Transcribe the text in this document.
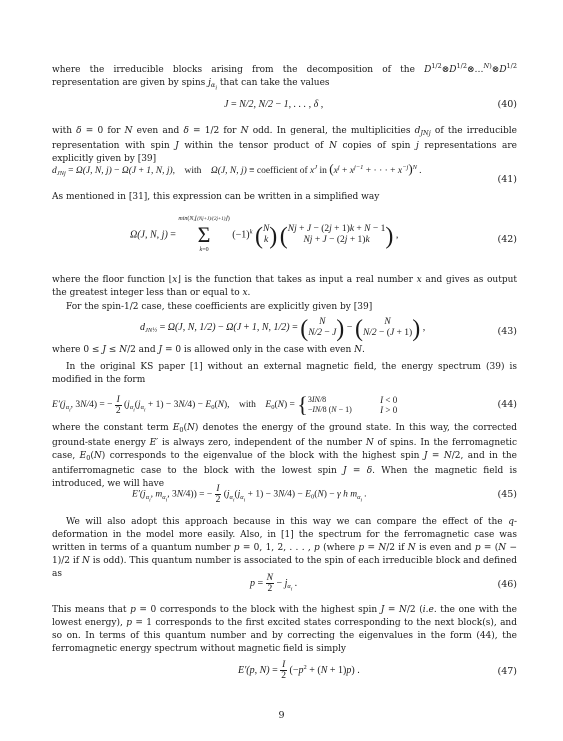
where the irreducible blocks arising from the decomposition of the $D^{1/2}\otimes D^{1/2}\otimes\dots^{N)}\otimes D^{1/2}$ representation are given by spins $j_{\alpha_i}$ that can take the values

J = N/2, N/2 − 1, . . . , δ ,	(40)

with δ = 0 for N even and δ = 1/2 for N odd. In general, the multiplicities $d_{JNj}$ of the irreducible representation with spin J within the tensor product of N copies of spin j representations are explicitly given by [39]

$d_{JNj} = \Omega(J$, N, j) − Ω(J + 1, N, j),    with    Ω(J, N, j) ≡ coefficient of $x^J$ in ($x^j + x^{j-1}$ + · · · + $x^{-j})^N$ .
(41)

As mentioned in [31], this expression can be written in a simplified way

Ω(J, N, j) =
min(N,⌊(Nj+J)/(2j+1)⌋)
Σ
k=0
$(-1)^k$ (N
k) (Nj + J − (2j + 1)k + N − 1
Nj + J − (2j + 1)k ) ,	(42)

where the floor function ⌊x⌋ is the function that takes as input a real number x and gives as output the greatest integer less than or equal to x.

For the spin-1/2 case, these coefficients are explicitly given by [39]

$d_{JN\frac{1}{2}} = \Omega(J$, N, 1/2) − Ω(J + 1, N, 1/2) = ( N
N/2 − J) − ( N
N/2 − (J + 1)) ,	(43)

where 0 ≤ J ≤ N/2 and J = 0 is allowed only in the case with even N.

In the original KS paper [1] without an external magnetic field, the energy spectrum (39) is modified in the form

$E'(j_{\alpha_i}$, 3N/4) = − $\frac{I}{2} (j_{\alpha_i}(j_{\alpha_i} + 1) - 3N/4) - E_0(N)$,    with    $E_0(N) = \{3IN/8$
−IN/8 (N − 1) I < 0
I > 0	(44)

where the constant term $E_0(N)$ denotes the energy of the ground state. In this way, the corrected ground-state energy E′ is always zero, independent of the number N of spins. In the ferromagnetic case, $E_0(N)$ corresponds to the eigenvalue of the block with the highest spin J = N/2, and in the antiferromagnetic case to the block with the lowest spin J = δ. When the magnetic field is introduced, we will have

$E'(j_{\alpha_i}$, $m_{\alpha_i}$, 3N/4)) = − $\frac{I}{2} (j_{\alpha_i}(j_{\alpha_i} + 1) - 3N/4) - E_0(N) - \gamma$ h $m_{\alpha_i}$ .	(45)

We will also adopt this approach because in this way we can compare the effect of the q-deformation in the model more easily. Also, in [1] the spectrum for the ferromagnetic case was written in terms of a quantum number p = 0, 1, 2, . . . , p (where p = N/2 if N is even and p = (N − 1)/2 if N is odd). This quantum number is associated to the spin of each irreducible block and defined as

$p = \frac{N}{2} - j_{\alpha_i}$ .	(46)

This means that p = 0 corresponds to the block with the highest spin J = N/2 (i.e. the one with the lowest energy), p = 1 corresponds to the first excited states corresponding to the next block(s), and so on. In terms of this quantum number and by correcting the eigenvalues in the form (44), the ferromagnetic energy spectrum without magnetic field is simply

E′(p, $N) = \frac{I}{2} (-p^2 + (N + 1)p)$ .	(47)
9
